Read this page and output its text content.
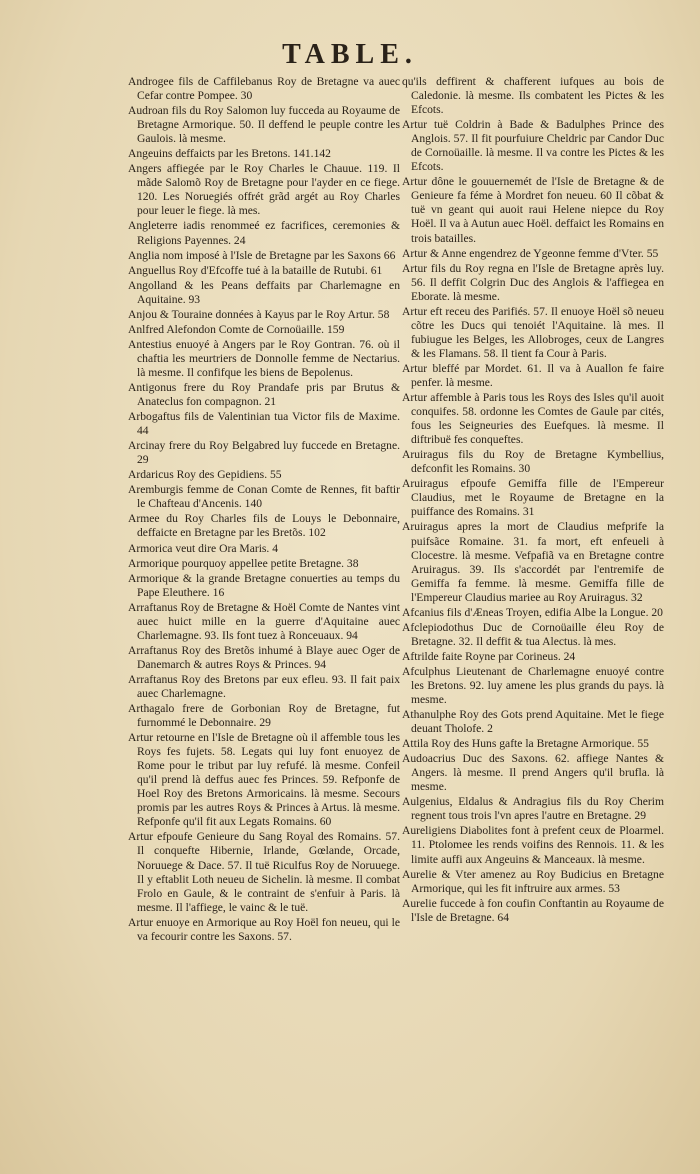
TABLE.

Androgee fils de Caffilebanus Roy de Bretagne va auec Cefar contre Pompee. 30

Audroan fils du Roy Salomon luy fucceda au Royaume de Bretagne Armorique. 50. Il deffend le peuple contre les Gaulois. là mesme.

Angeuins deffaicts par les Bretons. 141.142

Angers affiegée par le Roy Charles le Chauue. 119. Il mãde Salomõ Roy de Bretagne pour l'ayder en ce fiege. 120. Les Noruegiés offrét grãd argét au Roy Charles pour leuer le fiege. là mes.

Angleterre iadis renommeé ez facrifices, ceremonies & Religions Payennes. 24

Anglia nom imposé à l'Isle de Bretagne par les Saxons 66

Anguellus Roy d'Efcoffe tué à la bataille de Rutubi. 61

Angolland & les Peans deffaits par Charlemagne en Aquitaine. 93

Anjou & Touraine données à Kayus par le Roy Artur. 58

Anlfred Alefondon Comte de Cornoüaille. 159

Antestius enuoyé à Angers par le Roy Gontran. 76. où il chaftia les meurtriers de Donnolle femme de Nectarius. là mesme. Il confifque les biens de Bepolenus.

Antigonus frere du Roy Prandafe pris par Brutus & Anateclus fon compagnon. 21

Arbogaftus fils de Valentinian tua Victor fils de Maxime. 44

Arcinay frere du Roy Belgabred luy fuccede en Bretagne. 29

Ardaricus Roy des Gepidiens. 55

Aremburgis femme de Conan Comte de Rennes, fit baftir le Chafteau d'Ancenis. 140

Armee du Roy Charles fils de Louys le Debonnaire, deffaicte en Bretagne par les Bretõs. 102

Armorica veut dire Ora Maris. 4

Armorique pourquoy appellee petite Bretagne. 38

Armorique & la grande Bretagne conuerties au temps du Pape Eleuthere. 16

Arraftanus Roy de Bretagne & Hoël Comte de Nantes vint auec huict mille en la guerre d'Aquitaine auec Charlemagne. 93. Ils font tuez à Ronceuaux. 94

Arraftanus Roy des Bretõs inhumé à Blaye auec Oger de Danemarch & autres Roys & Princes. 94

Arraftanus Roy des Bretons par eux efleu. 93. Il fait paix auec Charlemagne.

Arthagalo frere de Gorbonian Roy de Bretagne, fut furnommé le Debonnaire. 29

Artur retourne en l'Isle de Bretagne où il affemble tous les Roys fes fujets. 58. Legats qui luy font enuoyez de Rome pour le tribut par luy refufé. là mesme. Confeil qu'il prend là deffus auec fes Princes. 59. Refponfe de Hoel Roy des Bretons Armoricains. là mesme. Secours promis par les autres Roys & Princes à Artus. là mesme. Refponfe qu'il fit aux Legats Romains. 60

Artur efpoufe Genieure du Sang Royal des Romains. 57. Il conquefte Hibernie, Irlande, Gœlande, Orcade, Noruuege & Dace. 57. Il tuë Riculfus Roy de Noruuege. Il y eftablit Loth neueu de Sichelin. là mesme. Il combat Frolo en Gaule, & le contraint de s'enfuir à Paris. là mesme. Il l'affiege, le vainc & le tuë.

Artur enuoye en Armorique au Roy Hoël fon neueu, qui le va fecourir contre les Saxons. 57.

qu'ils deffirent & chafferent iufques au bois de Caledonie. là mesme. Ils combatent les Pictes & les Efcots.

Artur tuë Coldrin à Bade & Badulphes Prince des Anglois. 57. Il fit pourfuiure Cheldric par Candor Duc de Cornoüaille. là mesme. Il va contre les Pictes & les Efcots.

Artur dône le gouuernemét de l'Isle de Bretagne & de Genieure fa féme à Mordret fon neueu. 60 Il cõbat & tuë vn geant qui auoit raui Helene niepce du Roy Hoël. Il va à Autun auec Hoël. deffaict les Romains en trois batailles.

Artur & Anne engendrez de Ygeonne femme d'Vter. 55

Artur fils du Roy regna en l'Isle de Bretagne après luy. 56. Il deffit Colgrin Duc des Anglois & l'affiegea en Eborate. là mesme.

Artur eft receu des Parifiés. 57. Il enuoye Hoël sõ neueu cõtre les Ducs qui tenoiét l'Aquitaine. là mes. Il fubiugue les Belges, les Allobroges, ceux de Langres & les Flamans. 58. Il tient fa Cour à Paris.

Artur bleffé par Mordet. 61. Il va à Auallon fe faire penfer. là mesme.

Artur affemble à Paris tous les Roys des Isles qu'il auoit conquifes. 58. ordonne les Comtes de Gaule par cités, fous les Seigneuries des Euefques. là mesme. Il diftribuë fes conqueftes.

Aruiragus fils du Roy de Bretagne Kymbellius, defconfit les Romains. 30

Aruiragus efpoufe Gemiffa fille de l'Empereur Claudius, met le Royaume de Bretagne en la puiffance des Romains. 31

Aruiragus apres la mort de Claudius mefprife la puifsãce Romaine. 31. fa mort, eft enfeueli à Clocestre. là mesme. Vefpafiã va en Bretagne contre Aruiragus. 39. Ils s'accordét par l'entremife de Gemiffa fa femme. là mesme. Gemiffa fille de l'Empereur Claudius mariee au Roy Aruiragus. 32

Afcanius fils d'Æneas Troyen, edifia Albe la Longue. 20

Afclepiodothus Duc de Cornoüaille éleu Roy de Bretagne. 32. Il deffit & tua Alectus. là mes.

Aftrilde faite Royne par Corineus. 24

Afculphus Lieutenant de Charlemagne enuoyé contre les Bretons. 92. luy amene les plus grands du pays. là mesme.

Athanulphe Roy des Gots prend Aquitaine. Met le fiege deuant Tholofe. 2

Attila Roy des Huns gafte la Bretagne Armorique. 55

Audoacrius Duc des Saxons. 62. affiege Nantes & Angers. là mesme. Il prend Angers qu'il brufla. là mesme.

Aulgenius, Eldalus & Andragius fils du Roy Cherim regnent tous trois l'vn apres l'autre en Bretagne. 29

Aureligiens Diabolites font à prefent ceux de Ploarmel. 11. Ptolomee les rends voifins des Rennois. 11. & les limite auffi aux Angeuins & Manceaux. là mesme.

Aurelie & Vter amenez au Roy Budicius en Bretagne Armorique, qui les fit inftruire aux armes. 53

Aurelie fuccede à fon coufin Conftantin au Royaume de l'Isle de Bretagne. 64
